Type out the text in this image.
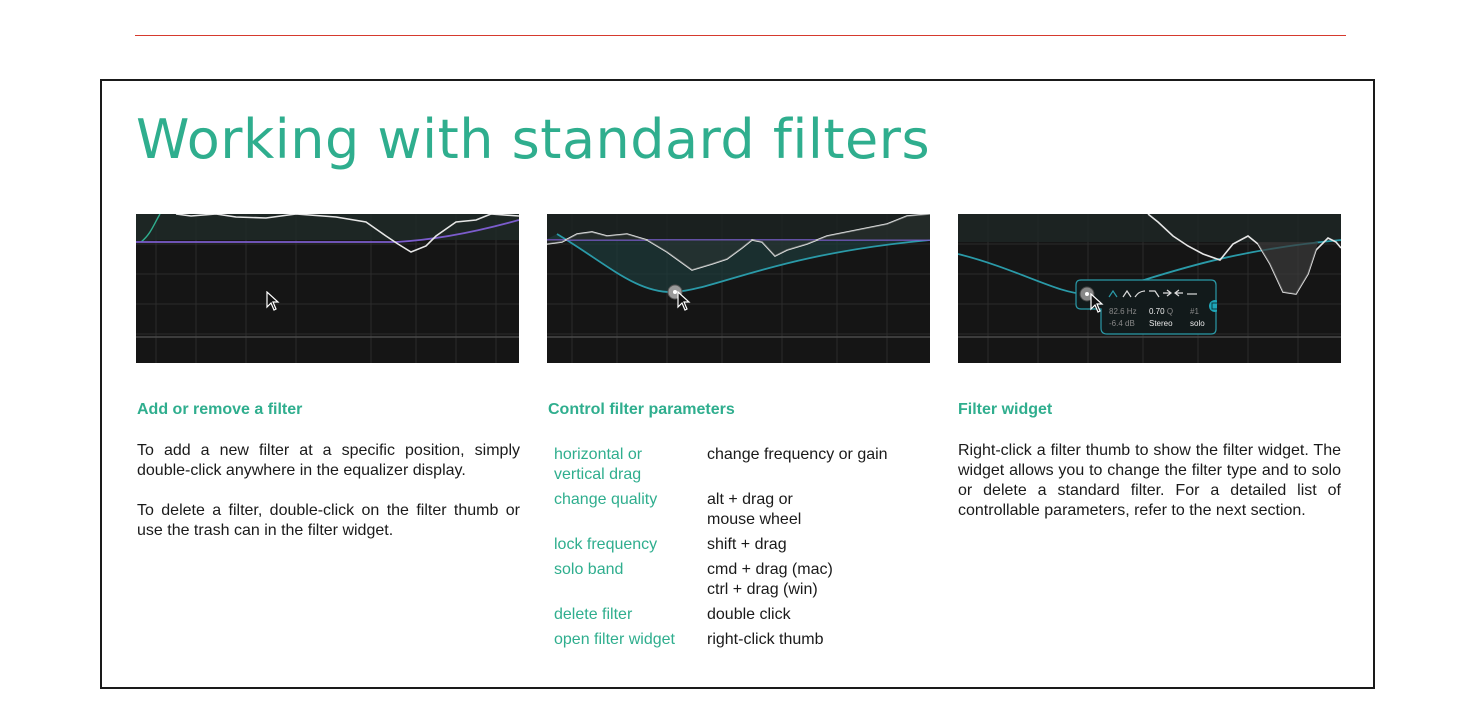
Working with standard filters
82.6 Hz 0.70 Q #1
-6.4 dB Stereo solo
Add or remove a filter

To add a new filter at a specific position, simply double-click anywhere in the equalizer display.

To delete a filter, double-click on the filter thumb or use the trash can in the filter widget.

Control filter parameters
horizontal or
vertical drag	change frequency or gain
change quality	alt + drag or
mouse wheel
lock frequency	shift + drag
solo band	cmd + drag (mac)
ctrl + drag (win)
delete filter	double click
open filter widget	right-click thumb
Filter widget

Right-click a filter thumb to show the filter widget. The widget allows you to change the filter type and to solo or delete a standard filter. For a detailed list of controllable parameters, refer to the next section.
